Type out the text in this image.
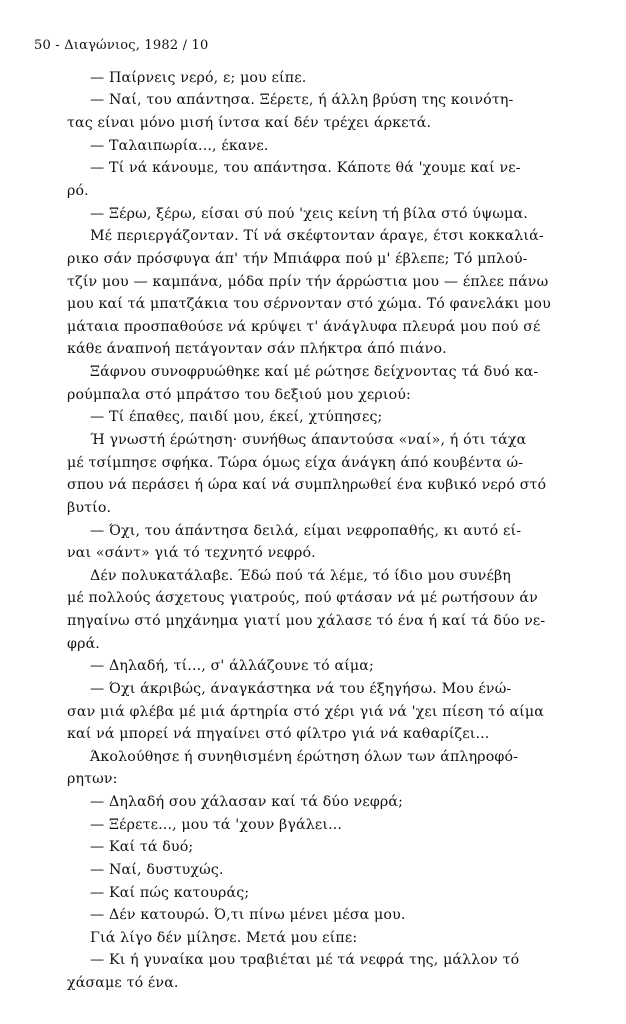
50 - Διαγώνιος, 1982 / 10
— Παίρνεις νερό, ε; μου είπε.
— Ναί, του απάντησα. Ξέρετε, ή άλλη βρύση της κοινότη-
τας είναι μόνο μισή ίντσα καί δέν τρέχει άρκετά.
— Ταλαιπωρία..., έκανε.
— Τί νά κάνουμε, του απάντησα. Κάποτε θά 'χουμε καί νε-
ρό.
— Ξέρω, ξέρω, είσαι σύ πού 'χεις κείνη τή βίλα στό ύψωμα.
Μέ περιεργάζονταν. Τί νά σκέφτονταν άραγε, έτσι κοκκαλιά-
ρικο σάν πρόσφυγα άπ' τήν Μπιάφρα πού μ' έβλεπε; Τό μπλού-
τζίν μου — καμπάνα, μόδα πρίν τήν άρρώστια μου — έπλεε πάνω
μου καί τά μπατζάκια του σέρνονταν στό χώμα. Τό φανελάκι μου
μάταια προσπαθούσε νά κρύψει τ' άνάγλυφα πλευρά μου πού σέ
κάθε άναπνοή πετάγονταν σάν πλήκτρα άπό πιάνο.
Ξάφνου συνοφρυώθηκε καί μέ ρώτησε δείχνοντας τά δυό κα-
ρούμπαλα στό μπράτσο του δεξιού μου χεριού:
— Τί έπαθες, παιδί μου, έκεί, χτύπησες;
Ή γνωστή έρώτηση· συνήθως άπαντούσα «ναί», ή ότι τάχα
μέ τσίμπησε σφήκα. Τώρα όμως είχα άνάγκη άπό κουβέντα ώ-
σπου νά περάσει ή ώρα καί νά συμπληρωθεί ένα κυβικό νερό στό
βυτίο.
— Όχι, του άπάντησα δειλά, είμαι νεφροπαθής, κι αυτό εί-
ναι «σάντ» γιά τό τεχνητό νεφρό.
Δέν πολυκατάλαβε. Έδώ πού τά λέμε, τό ίδιο μου συνέβη
μέ πολλούς άσχετους γιατρούς, πού φτάσαν νά μέ ρωτήσουν άν
πηγαίνω στό μηχάνημα γιατί μου χάλασε τό ένα ή καί τά δύο νε-
φρά.
— Δηλαδή, τί..., σ' άλλάζουνε τό αίμα;
— Όχι άκριβώς, άναγκάστηκα νά του έξηγήσω. Μου ένώ-
σαν μιά φλέβα μέ μιά άρτηρία στό χέρι γιά νά 'χει πίεση τό αίμα
καί νά μπορεί νά πηγαίνει στό φίλτρο γιά νά καθαρίζει...
Άκολούθησε ή συνηθισμένη έρώτηση όλων των άπληροφό-
ρητων:
— Δηλαδή σου χάλασαν καί τά δύο νεφρά;
— Ξέρετε..., μου τά 'χουν βγάλει...
— Καί τά δυό;
— Ναί, δυστυχώς.
— Καί πώς κατουράς;
— Δέν κατουρώ. Ό,τι πίνω μένει μέσα μου.
Γιά λίγο δέν μίλησε. Μετά μου είπε:
— Κι ή γυναίκα μου τραβιέται μέ τά νεφρά της, μάλλον τό
χάσαμε τό ένα.
